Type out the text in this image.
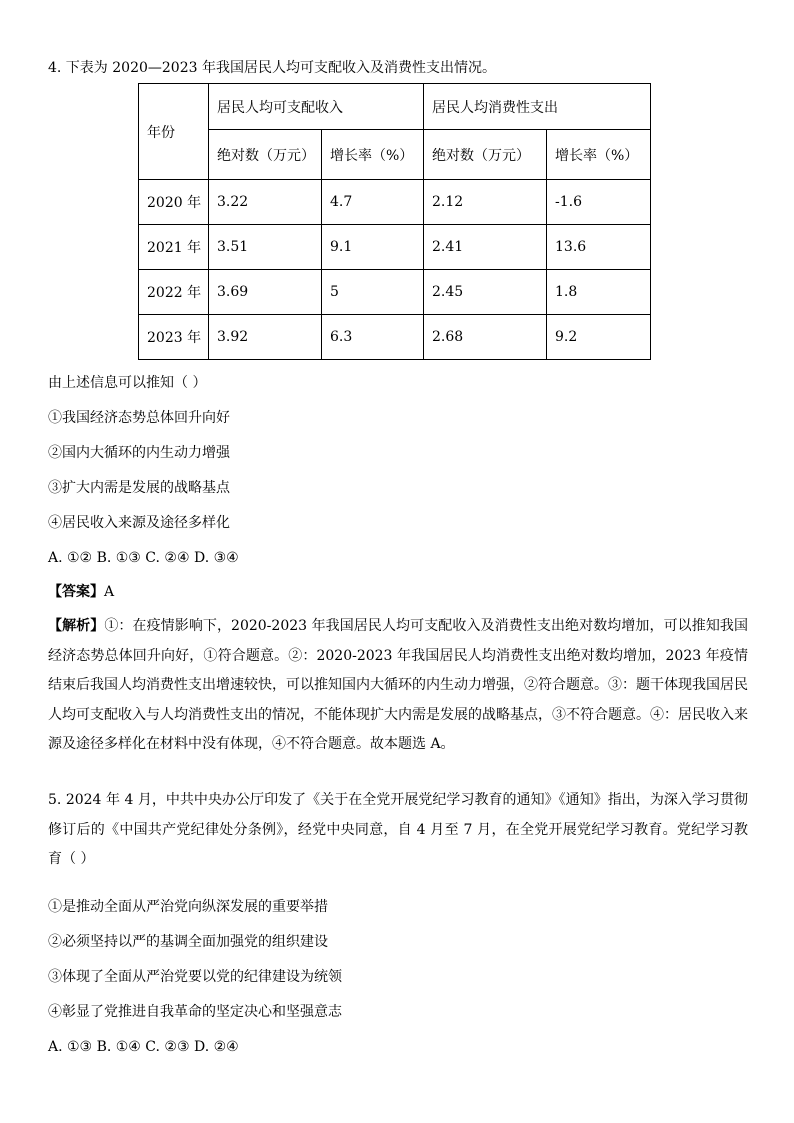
4. 下表为 2020—2023 年我国居民人均可支配收入及消费性支出情况。
年份	居民人均可支配收入		居民人均消费性支出	
	绝对数（万元）	增长率（%）	绝对数（万元）	增长率（%）
2020 年	3.22	4.7	2.12	-1.6
2021 年	3.51	9.1	2.41	13.6
2022 年	3.69	5	2.45	1.8
2023 年	3.92	6.3	2.68	9.2
由上述信息可以推知（ ）
①我国经济态势总体回升向好
②国内大循环的内生动力增强
③扩大内需是发展的战略基点
④居民收入来源及途径多样化
A. ①② B. ①③ C. ②④ D. ③④
【答案】A
【解析】①：在疫情影响下，2020-2023 年我国居民人均可支配收入及消费性支出绝对数均增加，可以推知我国经济态势总体回升向好，①符合题意。②：2020-2023 年我国居民人均消费性支出绝对数均增加，2023 年疫情结束后我国人均消费性支出增速较快，可以推知国内大循环的内生动力增强，②符合题意。③：题干体现我国居民人均可支配收入与人均消费性支出的情况，不能体现扩大内需是发展的战略基点，③不符合题意。④：居民收入来源及途径多样化在材料中没有体现，④不符合题意。故本题选 A。
5. 2024 年 4 月，中共中央办公厅印发了《关于在全党开展党纪学习教育的通知》《通知》指出，为深入学习贯彻修订后的《中国共产党纪律处分条例》，经党中央同意，自 4 月至 7 月，在全党开展党纪学习教育。党纪学习教育（ ）
①是推动全面从严治党向纵深发展的重要举措
②必须坚持以严的基调全面加强党的组织建设
③体现了全面从严治党要以党的纪律建设为统领
④彰显了党推进自我革命的坚定决心和坚强意志
A. ①③ B. ①④ C. ②③ D. ②④
